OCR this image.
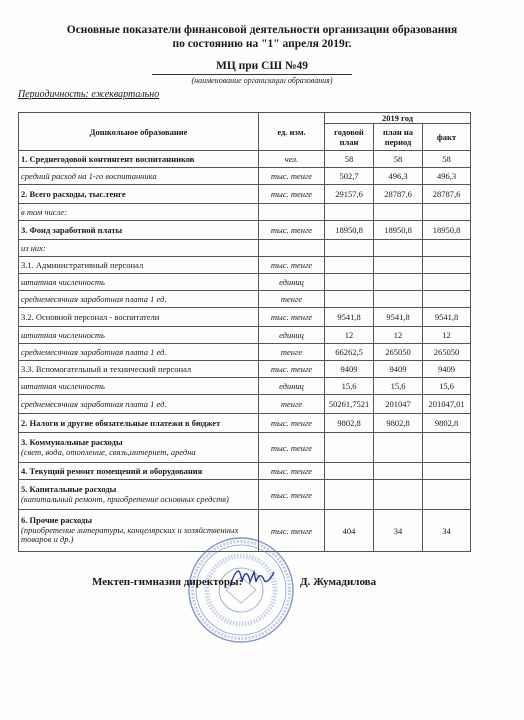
Основные показатели финансовой деятельности организации образования
по состоянию на "1" апреля 2019г.
МЦ при СШ №49
(наименование организации образования)
Периодичность: ежеквартально
Дошкольное образование	ед. изм.	2019 год		
		годовой план	план на период	факт
1. Среднегодовой контингент воспитанников	чел.	58	58	58
средний расход на 1-го воспитанника	тыс. тенге	502,7	496,3	496,3
2. Всего расходы, тыс.тенге	тыс. тенге	29157,6	28787,6	28787,6
в том числе:				
3. Фонд заработной платы	тыс. тенге	18950,8	18950,8	18950,8
из них:				
3.1. Административный персонал	тыс. тенге			
штатная численность	единиц			
среднемесячная заработная плата 1 ед.	тенге			
3.2. Основной персонал - воспитатели	тыс. тенге	9541,8	9541,8	9541,8
штатная численность	единиц	12	12	12
среднемесячная заработная плата 1 ед.	тенге	66262,5	265050	265050
3.3. Вспомогательный и технический персонал	тыс. тенге	9409	9409	9409
штатная численность	единиц	15,6	15,6	15,6
среднемесячная заработная плата 1 ед.	тенге	50261,7521	201047	201047,01
2. Налоги и другие обязательные платежи в бюджет	тыс. тенге	9802,8	9802,8	9802,8
3. Коммунальные расходы
(свет, вода, отопление, связь,интернет, аредна	тыс. тенге			
4. Текущий ремонт помещений и оборудования	тыс. тенге			
5. Капитальные расходы
(капитальный ремонт, приобретение основных средств)	тыс. тенге			
6. Прочие расходы
(приобретение литературы, канцелярских и хозяйственных товаров и др.)	тыс. тенге	404	34	34
Мектеп-гимназия директоры:	Д. Жумадилова
